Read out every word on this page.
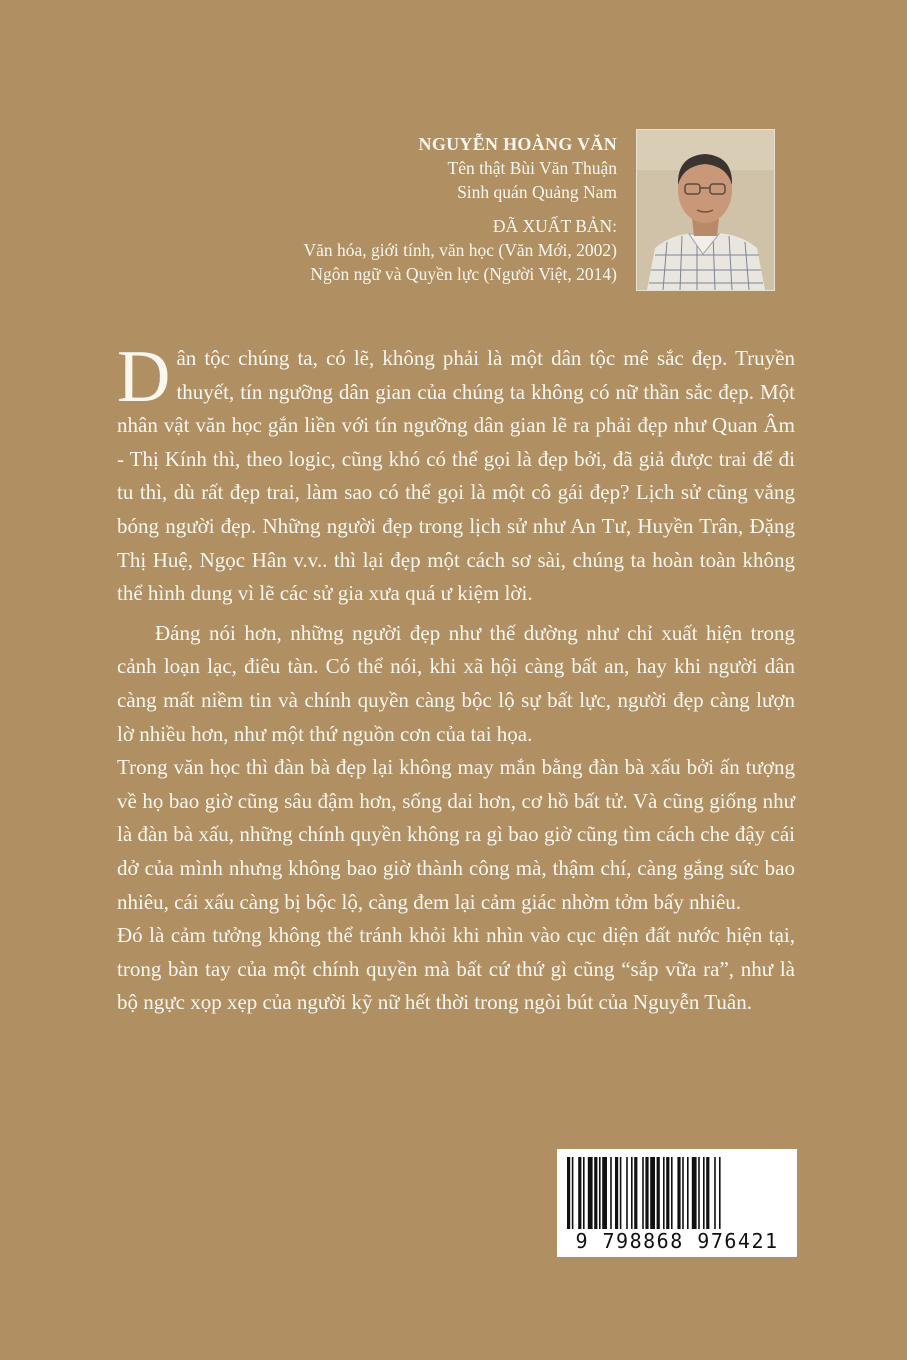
NGUYỄN HOÀNG VĂN
Tên thật Bùi Văn Thuận
Sinh quán Quảng Nam
ĐÃ XUẤT BẢN:
Văn hóa, giới tính, văn học (Văn Mới, 2002)
Ngôn ngữ và Quyền lực (Người Việt, 2014)

Dân tộc chúng ta, có lẽ, không phải là một dân tộc mê sắc đẹp. Truyền thuyết, tín ngưỡng dân gian của chúng ta không có nữ thần sắc đẹp. Một nhân vật văn học gắn liền với tín ngưỡng dân gian lẽ ra phải đẹp như Quan Âm - Thị Kính thì, theo logic, cũng khó có thể gọi là đẹp bởi, đã giả được trai để đi tu thì, dù rất đẹp trai, làm sao có thể gọi là một cô gái đẹp? Lịch sử cũng vắng bóng người đẹp. Những người đẹp trong lịch sử như An Tư, Huyền Trân, Đặng Thị Huệ, Ngọc Hân v.v.. thì lại đẹp một cách sơ sài, chúng ta hoàn toàn không thể hình dung vì lẽ các sử gia xưa quá ư kiệm lời.

Đáng nói hơn, những người đẹp như thế dường như chỉ xuất hiện trong cảnh loạn lạc, điêu tàn. Có thể nói, khi xã hội càng bất an, hay khi người dân càng mất niềm tin và chính quyền càng bộc lộ sự bất lực, người đẹp càng lượn lờ nhiều hơn, như một thứ nguồn cơn của tai họa.

Trong văn học thì đàn bà đẹp lại không may mắn bằng đàn bà xấu bởi ấn tượng về họ bao giờ cũng sâu đậm hơn, sống dai hơn, cơ hồ bất tử. Và cũng giống như là đàn bà xấu, những chính quyền không ra gì bao giờ cũng tìm cách che đậy cái dở của mình nhưng không bao giờ thành công mà, thậm chí, càng gắng sức bao nhiêu, cái xấu càng bị bộc lộ, càng đem lại cảm giác nhờm tởm bấy nhiêu.

Đó là cảm tưởng không thể tránh khỏi khi nhìn vào cục diện đất nước hiện tại, trong bàn tay của một chính quyền mà bất cứ thứ gì cũng “sắp vữa ra”, như là bộ ngực xọp xẹp của người kỹ nữ hết thời trong ngòi bút của Nguyễn Tuân.

9 798868 976421
